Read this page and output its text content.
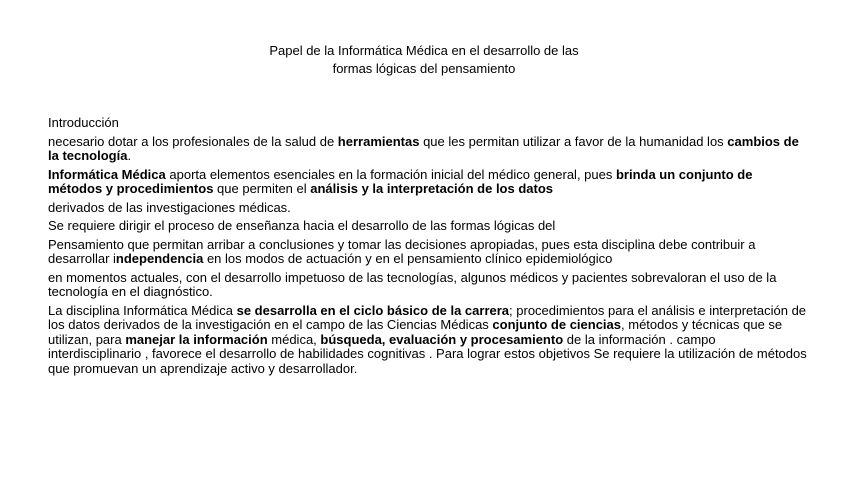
Papel de la Informática Médica en el desarrollo de las
formas lógicas del pensamiento

Introducción

necesario dotar a los profesionales de la salud de herramientas que les permitan utilizar a favor de la humanidad los cambios de la tecnología.

Informática Médica aporta elementos esenciales en la formación inicial del médico general, pues brinda un conjunto de métodos y procedimientos que permiten el análisis y la interpretación de los datos

derivados de las investigaciones médicas.

Se requiere dirigir el proceso de enseñanza hacia el desarrollo de las formas lógicas del

Pensamiento que permitan arribar a conclusiones y tomar las decisiones apropiadas, pues esta disciplina debe contribuir a desarrollar independencia en los modos de actuación y en el pensamiento clínico epidemiológico

en momentos actuales, con el desarrollo impetuoso de las tecnologías, algunos médicos y pacientes sobrevaloran el uso de la tecnología en el diagnóstico.

La disciplina Informática Médica se desarrolla en el ciclo básico de la carrera; procedimientos para el análisis e interpretación de los datos derivados de la investigación en el campo de las Ciencias Médicas conjunto de ciencias, métodos y técnicas que se utilizan, para manejar la información médica, búsqueda, evaluación y procesamiento de la información . campo interdisciplinario , favorece el desarrollo de habilidades cognitivas . Para lograr estos objetivos Se requiere la utilización de métodos que promuevan un aprendizaje activo y desarrollador.
